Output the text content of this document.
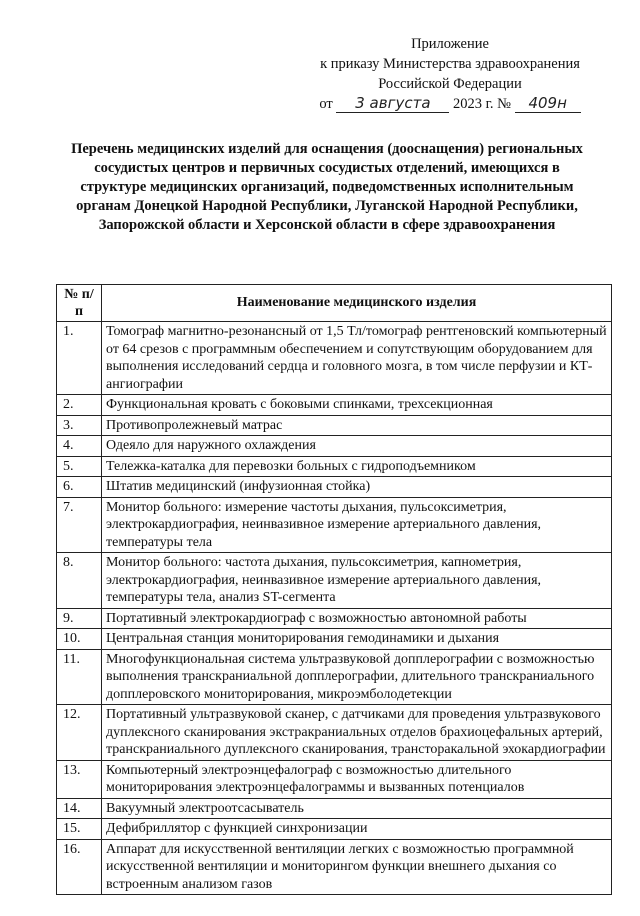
Приложение
к приказу Министерства здравоохранения
Российской Федерации
от
	3 августа
	2023 г. №
	409н
Перечень медицинских изделий для оснащения (дооснащения) региональных сосудистых центров и первичных сосудистых отделений, имеющихся в структуре медицинских организаций, подведомственных исполнительным органам Донецкой Народной Республики, Луганской Народной Республики, Запорожской области и Херсонской области в сфере здравоохранения
№ п/п	Наименование медицинского изделия
1.	Томограф магнитно-резонансный от 1,5 Тл/томограф рентгеновский компьютерный от 64 срезов с программным обеспечением и сопутствующим оборудованием для выполнения исследований сердца и головного мозга, в том числе перфузии и КТ-ангиографии
2.	Функциональная кровать с боковыми спинками, трехсекционная
3.	Противопролежневый матрас
4.	Одеяло для наружного охлаждения
5.	Тележка-каталка для перевозки больных с гидроподъемником
6.	Штатив медицинский (инфузионная стойка)
7.	Монитор больного: измерение частоты дыхания, пульсоксиметрия, электрокардиография, неинвазивное измерение артериального давления, температуры тела
8.	Монитор больного: частота дыхания, пульсоксиметрия, капнометрия, электрокардиография, неинвазивное измерение артериального давления, температуры тела, анализ ST-сегмента
9.	Портативный электрокардиограф с возможностью автономной работы
10.	Центральная станция мониторирования гемодинамики и дыхания
11.	Многофункциональная система ультразвуковой допплерографии с возможностью выполнения транскраниальной допплерографии, длительного транскраниального допплеровского мониторирования, микроэмболодетекции
12.	Портативный ультразвуковой сканер, с датчиками для проведения ультразвукового дуплексного сканирования экстракраниальных отделов брахиоцефальных артерий, транскраниального дуплексного сканирования, трансторакальной эхокардиографии
13.	Компьютерный электроэнцефалограф с возможностью длительного мониторирования электроэнцефалограммы и вызванных потенциалов
14.	Вакуумный электроотсасыватель
15.	Дефибриллятор с функцией синхронизации
16.	Аппарат для искусственной вентиляции легких с возможностью программной искусственной вентиляции и мониторингом функции внешнего дыхания со встроенным анализом газов
